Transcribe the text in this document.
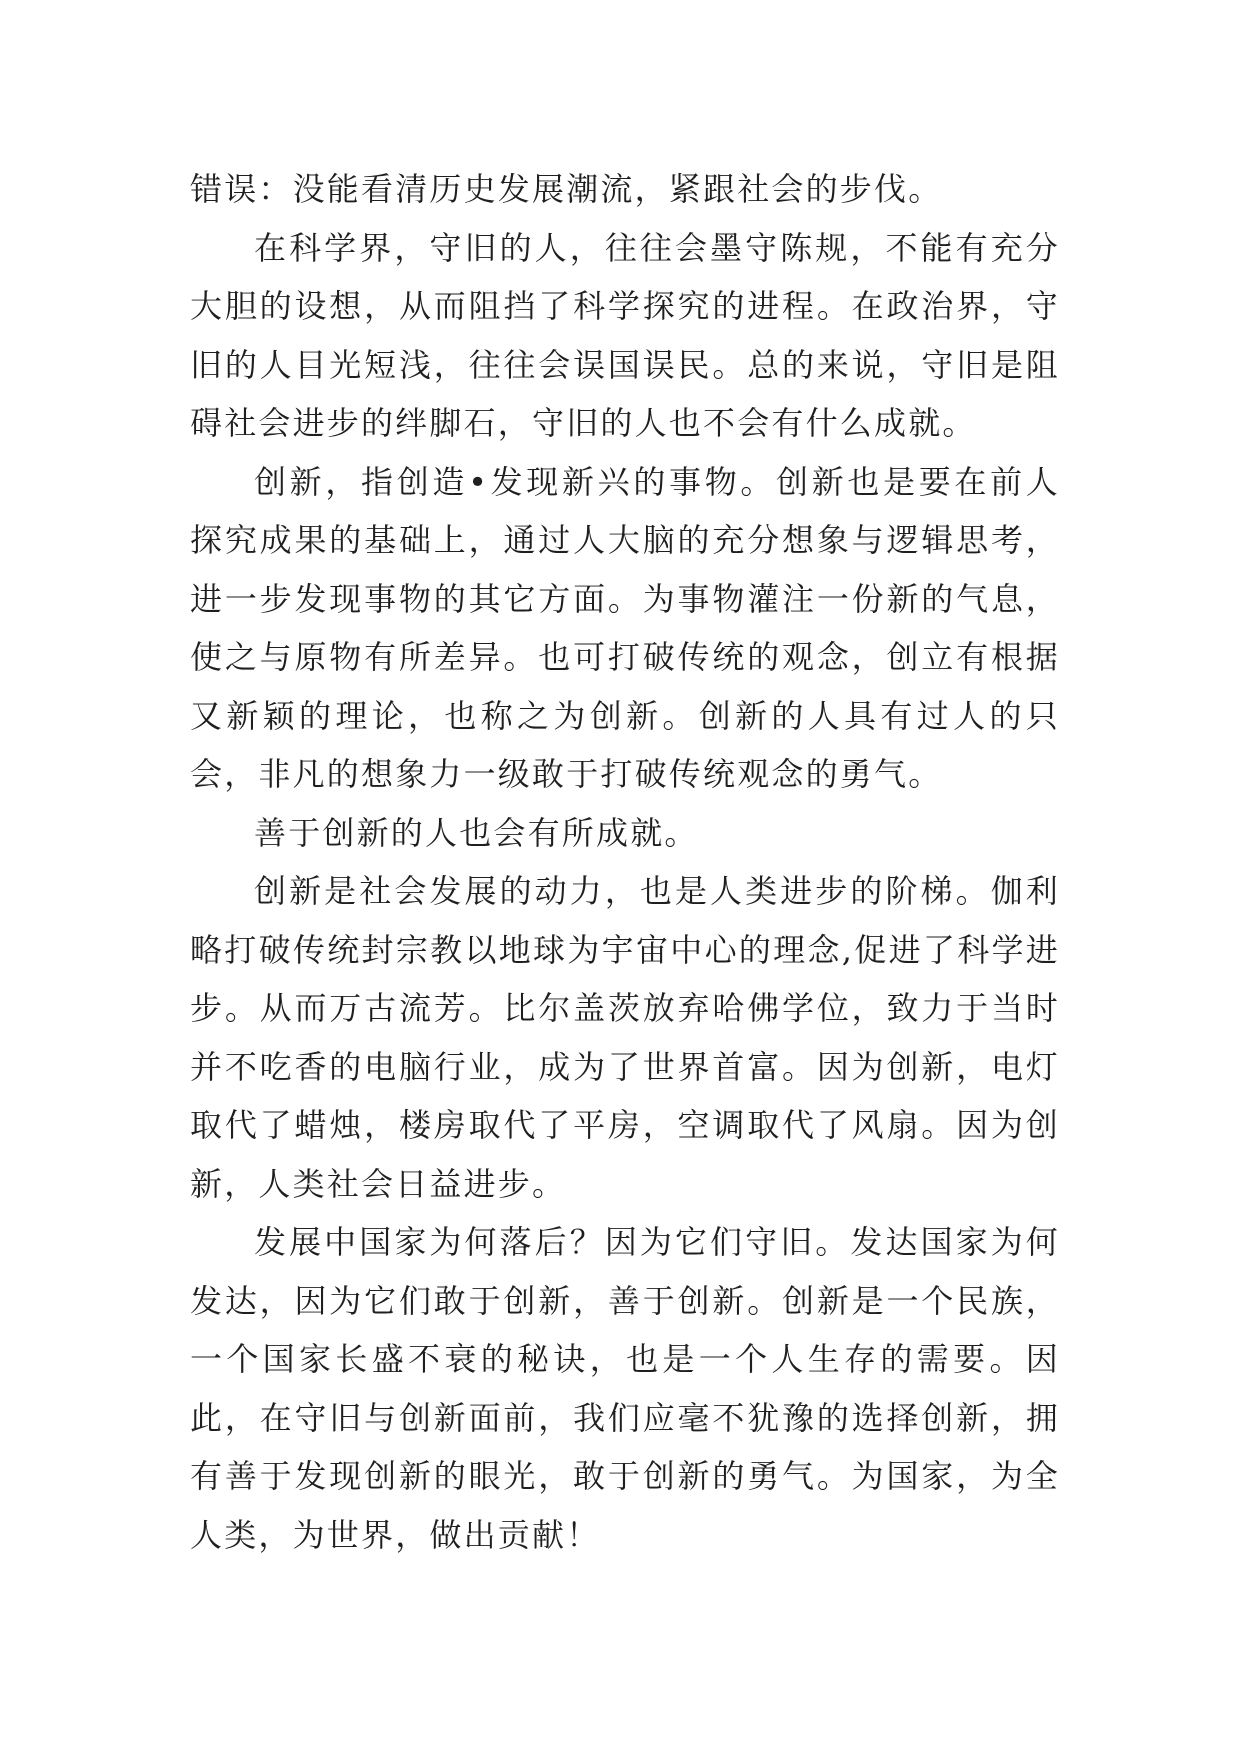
错误：没能看清历史发展潮流，紧跟社会的步伐。

在科学界，守旧的人，往往会墨守陈规，不能有充分大胆的设想，从而阻挡了科学探究的进程。在政治界，守旧的人目光短浅，往往会误国误民。总的来说，守旧是阻碍社会进步的绊脚石，守旧的人也不会有什么成就。

创新，指创造•发现新兴的事物。创新也是要在前人探究成果的基础上，通过人大脑的充分想象与逻辑思考，进一步发现事物的其它方面。为事物灌注一份新的气息，使之与原物有所差异。也可打破传统的观念，创立有根据又新颖的理论，也称之为创新。创新的人具有过人的只会，非凡的想象力一级敢于打破传统观念的勇气。

善于创新的人也会有所成就。

创新是社会发展的动力，也是人类进步的阶梯。伽利略打破传统封宗教以地球为宇宙中心的理念,促进了科学进步。从而万古流芳。比尔盖茨放弃哈佛学位，致力于当时并不吃香的电脑行业，成为了世界首富。因为创新，电灯取代了蜡烛，楼房取代了平房，空调取代了风扇。因为创新，人类社会日益进步。

发展中国家为何落后？因为它们守旧。发达国家为何发达，因为它们敢于创新，善于创新。创新是一个民族，一个国家长盛不衰的秘诀，也是一个人生存的需要。因此，在守旧与创新面前，我们应毫不犹豫的选择创新，拥有善于发现创新的眼光，敢于创新的勇气。为国家，为全人类，为世界，做出贡献！
